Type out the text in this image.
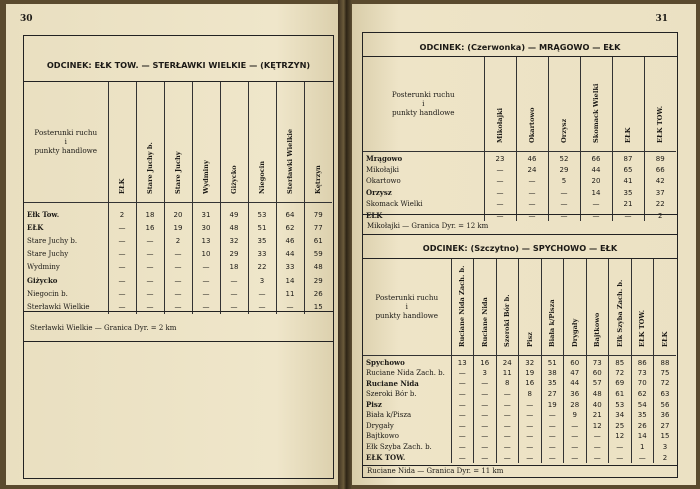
30
ODCINEK: EŁK TOW. — STERŁAWKI WIELKIE — (KĘTRZYN)
Posterunki ruchu
i
punkty handlowe	EŁK	Stare Juchy b.	Stare Juchy	Wydminy	Giżycko	Niegocin	Sterławki Wielkie	Kętrzyn

Ełk Tow.	2	18	20	31	49	53	64	79
EŁK	—	16	19	30	48	51	62	77
Stare Juchy b.	—	—	2	13	32	35	46	61
Stare Juchy	—	—	—	10	29	33	44	59
Wydminy	—	—	—	—	18	22	33	48
Giżycko	—	—	—	—	—	3	14	29
Niegocin b.	—	—	—	—	—	—	11	26
Sterławki Wielkie	—	—	—	—	—	—	—	15
Sterławki Wielkie — Granica Dyr. = 2 km
31
ODCINEK: (Czerwonka) — MRĄGOWO — EŁK
Posterunki ruchu
i
punkty handlowe	Mikołajki	Okartowo	Orzysz	Skomack Wielki	EŁK	EŁK TOW.

Mrągowo	23	46	52	66	87	89
Mikołajki	—	24	29	44	65	66
Okartowo	—	—	5	20	41	42
Orzysz	—	—	—	14	35	37
Skomack Wielki	—	—	—	—	21	22
EŁK	—	—	—	—	—	2
Mikołajki — Granica Dyr. = 12 km
ODCINEK: (Szczytno) — SPYCHOWO — EŁK
Posterunki ruchu
i
punkty handlowe	Ruciane Nida Zach. b.	Ruciane Nida	Szeroki Bór b.	Pisz	Biała k/Pisza	Drygały	Bajtkowo	Ełk Szyba Zach. b.	EŁK TOW.	EŁK

Spychowo	13	16	24	32	51	60	73	85	86	88
Ruciane Nida Zach. b.	—	3	11	19	38	47	60	72	73	75
Ruciane Nida	—	—	8	16	35	44	57	69	70	72
Szeroki Bór b.	—	—	—	8	27	36	48	61	62	63
Pisz	—	—	—	—	19	28	40	53	54	56
Biała k/Pisza	—	—	—	—	—	9	21	34	35	36
Drygały	—	—	—	—	—	—	12	25	26	27
Bajtkowo	—	—	—	—	—	—	—	12	14	15
Ełk Szyba Zach. b.	—	—	—	—	—	—	—	—	1	3
EŁK TOW.	—	—	—	—	—	—	—	—	—	2
Ruciane Nida — Granica Dyr. = 11 km
